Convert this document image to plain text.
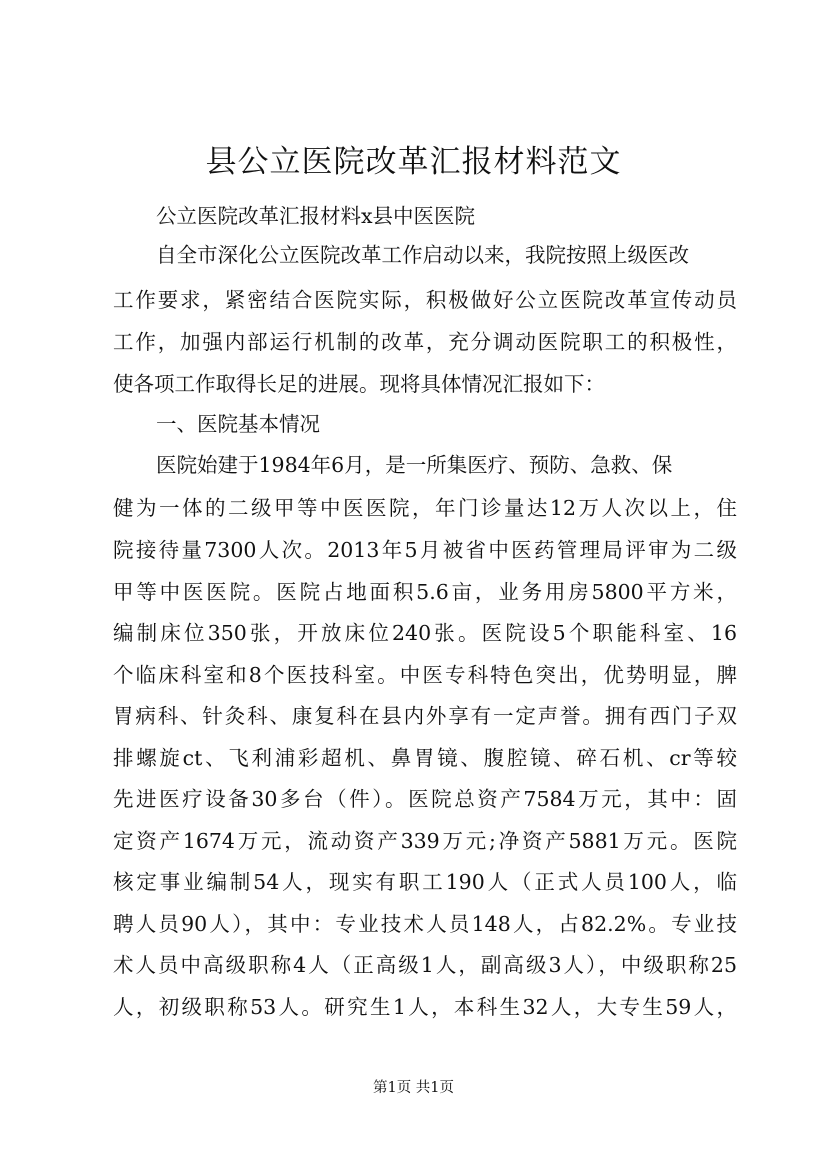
县公立医院改革汇报材料范文
公立医院改革汇报材料x县中医医院
自全市深化公立医院改革工作启动以来，我院按照上级医改
工作要求，紧密结合医院实际，积极做好公立医院改革宣传动员
工作，加强内部运行机制的改革，充分调动医院职工的积极性，
使各项工作取得长足的进展。现将具体情况汇报如下：
一、医院基本情况
医院始建于1984年6月，是一所集医疗、预防、急救、保
健为一体的二级甲等中医医院，年门诊量达12万人次以上，住
院接待量7300人次。2013年5月被省中医药管理局评审为二级
甲等中医医院。医院占地面积5.6亩，业务用房5800平方米，
编制床位350张，开放床位240张。医院设5个职能科室、16
个临床科室和8个医技科室。中医专科特色突出，优势明显，脾
胃病科、针灸科、康复科在县内外享有一定声誉。拥有西门子双
排螺旋ct、飞利浦彩超机、鼻胃镜、腹腔镜、碎石机、cr等较
先进医疗设备30多台（件）。医院总资产7584万元，其中：固
定资产1674万元，流动资产339万元;净资产5881万元。医院
核定事业编制54人，现实有职工190人（正式人员100人，临
聘人员90人），其中：专业技术人员148人，占82.2%。专业技
术人员中高级职称4人（正高级1人，副高级3人），中级职称25
人，初级职称53人。研究生1人，本科生32人，大专生59人，
第1页 共1页
